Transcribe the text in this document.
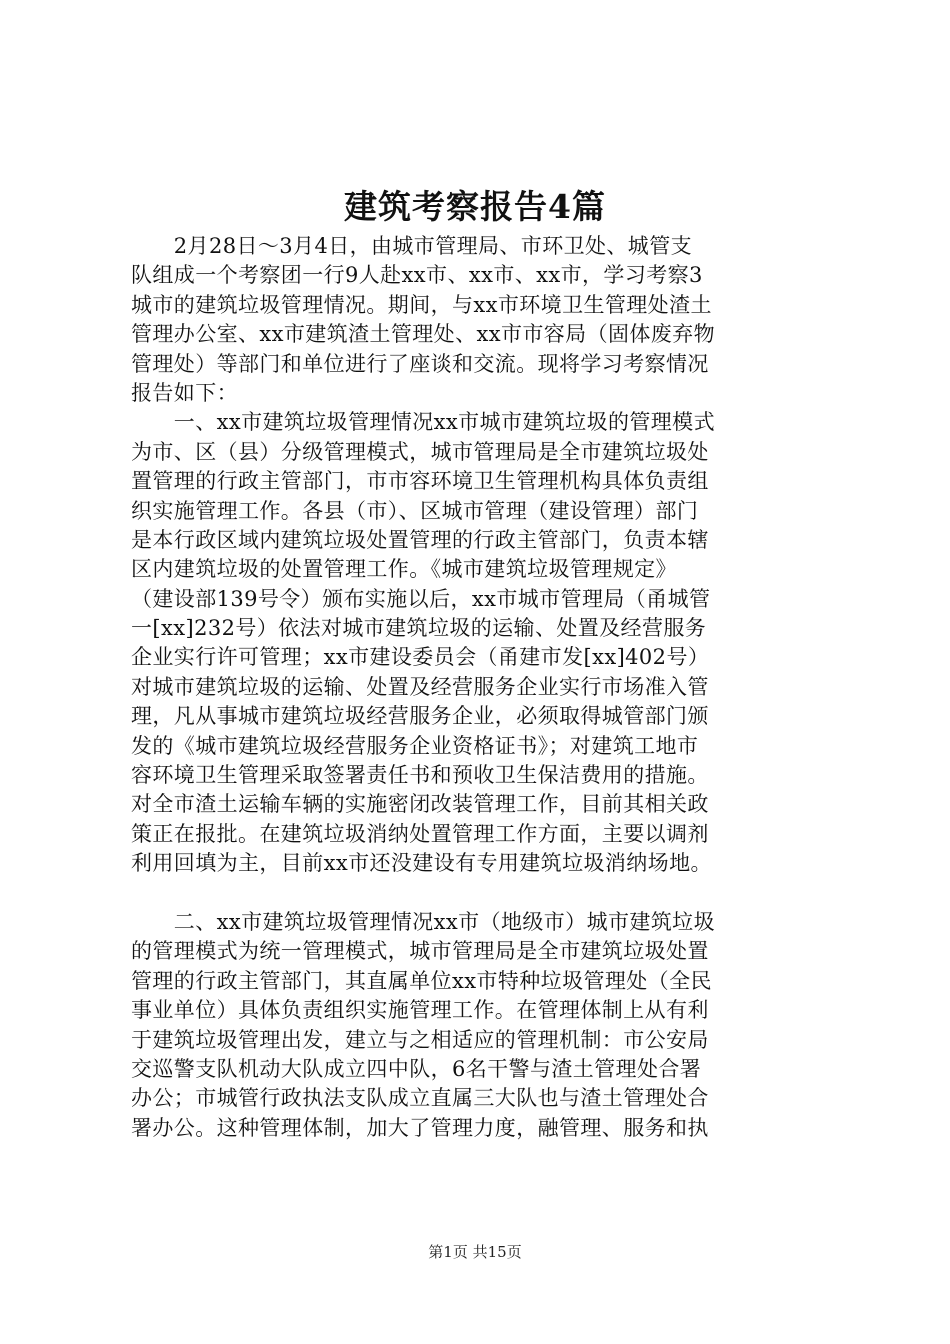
建筑考察报告4篇
　　2月28日～3月4日，由城市管理局、市环卫处、城管支
队组成一个考察团一行9人赴xx市、xx市、xx市，学习考察3
城市的建筑垃圾管理情况。期间，与xx市环境卫生管理处渣土
管理办公室、xx市建筑渣土管理处、xx市市容局（固体废弃物
管理处）等部门和单位进行了座谈和交流。现将学习考察情况
报告如下：
　　一、xx市建筑垃圾管理情况xx市城市建筑垃圾的管理模式
为市、区（县）分级管理模式，城市管理局是全市建筑垃圾处
置管理的行政主管部门，市市容环境卫生管理机构具体负责组
织实施管理工作。各县（市）、区城市管理（建设管理）部门
是本行政区域内建筑垃圾处置管理的行政主管部门，负责本辖
区内建筑垃圾的处置管理工作。《城市建筑垃圾管理规定》
（建设部139号令）颁布实施以后，xx市城市管理局（甬城管
一[xx]232号）依法对城市建筑垃圾的运输、处置及经营服务
企业实行许可管理；xx市建设委员会（甬建市发[xx]402号）
对城市建筑垃圾的运输、处置及经营服务企业实行市场准入管
理，凡从事城市建筑垃圾经营服务企业，必须取得城管部门颁
发的《城市建筑垃圾经营服务企业资格证书》；对建筑工地市
容环境卫生管理采取签署责任书和预收卫生保洁费用的措施。
对全市渣土运输车辆的实施密闭改装管理工作，目前其相关政
策正在报批。在建筑垃圾消纳处置管理工作方面，主要以调剂
利用回填为主，目前xx市还没建设有专用建筑垃圾消纳场地。
　　二、xx市建筑垃圾管理情况xx市（地级市）城市建筑垃圾
的管理模式为统一管理模式，城市管理局是全市建筑垃圾处置
管理的行政主管部门，其直属单位xx市特种垃圾管理处（全民
事业单位）具体负责组织实施管理工作。在管理体制上从有利
于建筑垃圾管理出发，建立与之相适应的管理机制：市公安局
交巡警支队机动大队成立四中队，6名干警与渣土管理处合署
办公；市城管行政执法支队成立直属三大队也与渣土管理处合
署办公。这种管理体制，加大了管理力度，融管理、服务和执
第1页 共15页
